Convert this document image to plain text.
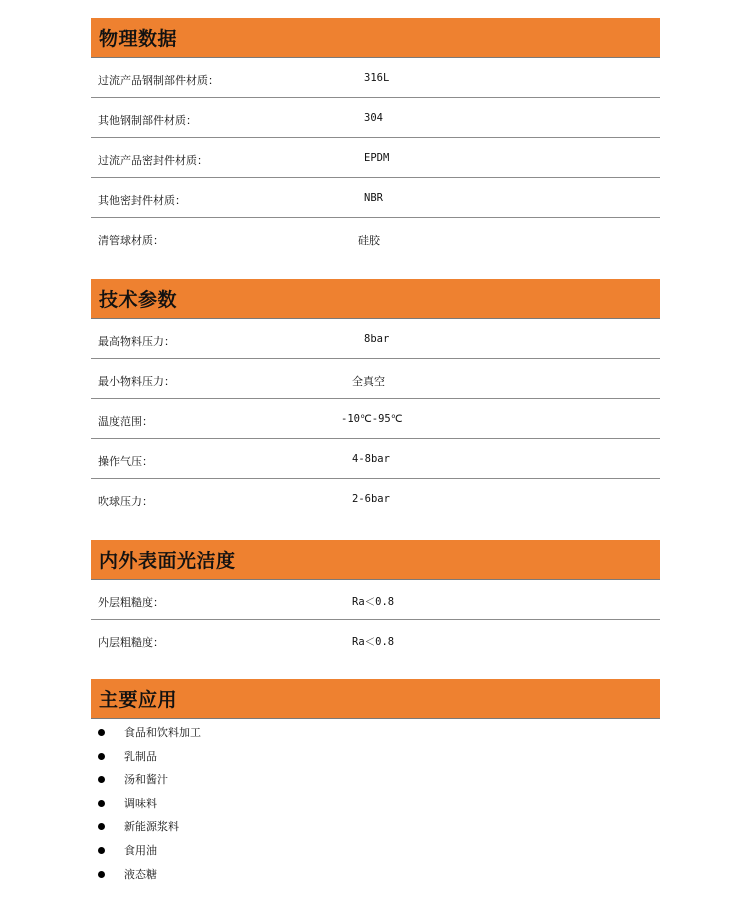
物理数据
过流产品钢制部件材质：	316L
其他钢制部件材质：	304
过流产品密封件材质：	EPDM
其他密封件材质：	NBR
清管球材质：	硅胶
技术参数
最高物料压力：	8bar
最小物料压力：	全真空
温度范围：	-10℃-95℃
操作气压：	4-8bar
吹球压力：	2-6bar
内外表面光洁度
外层粗糙度：	Ra＜0.8
内层粗糙度：	Ra＜0.8
主要应用
食品和饮料加工
乳制品
汤和酱汁
调味料
新能源浆料
食用油
液态糖
